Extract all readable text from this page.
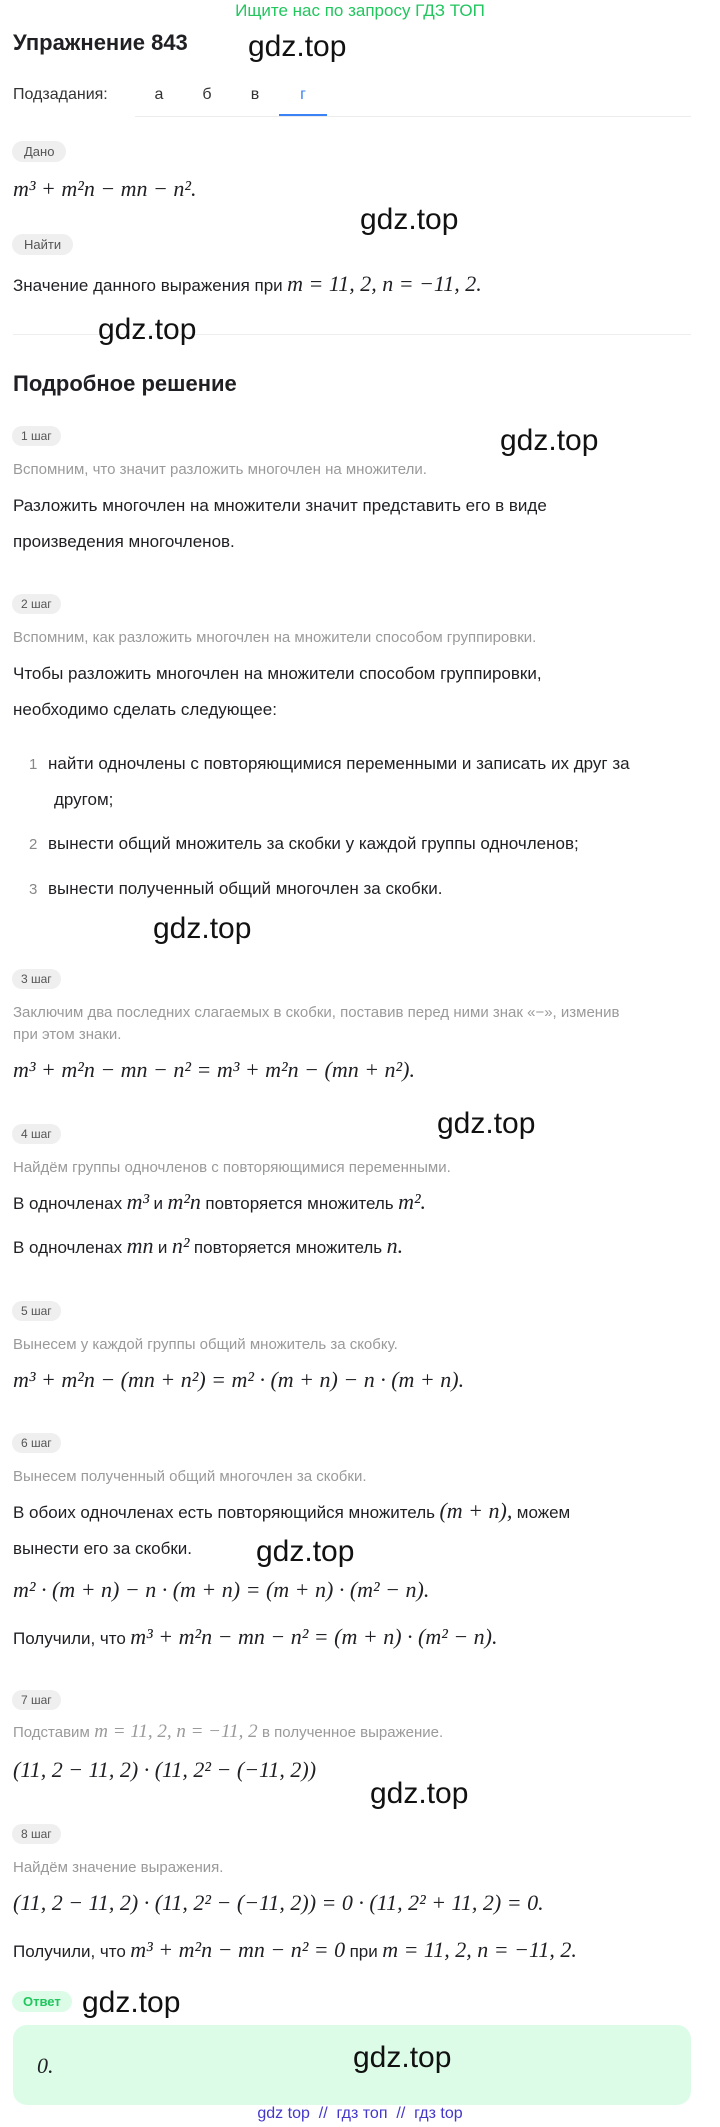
Ищите нас по запросу ГДЗ ТОП
Упражнение 843 gdz.top
Подзадания:	а	б	в	г
Дано
m³ + m²n − mn − n².
gdz.top
Найти
Значение данного выражения при m = 11, 2, n = −11, 2.
gdz.top
Подробное решение
1 шаг	gdz.top
Вспомним, что значит разложить многочлен на множители.
Разложить многочлен на множители значит представить его в виде
произведения многочленов.
2 шаг
Вспомним, как разложить многочлен на множители способом группировки.
Чтобы разложить многочлен на множители способом группировки,
необходимо сделать следующее:
1 найти одночлены с повторяющимися переменными и записать их друг за
другом;
2 вынести общий множитель за скобки у каждой группы одночленов;
3 вынести полученный общий многочлен за скобки.
gdz.top
3 шаг
Заключим два последних слагаемых в скобки, поставив перед ними знак «−», изменив
при этом знаки.
m³ + m²n − mn − n² = m³ + m²n − (mn + n²).
gdz.top
4 шаг
Найдём группы одночленов с повторяющимися переменными.
В одночленах m³ и m²n повторяется множитель m².
В одночленах mn и n² повторяется множитель n.
5 шаг
Вынесем у каждой группы общий множитель за скобку.
m³ + m²n − (mn + n²) = m² · (m + n) − n · (m + n).
6 шаг
Вынесем полученный общий многочлен за скобки.
В обоих одночленах есть повторяющийся множитель (m + n), можем
вынести его за скобки. gdz.top
m² · (m + n) − n · (m + n) = (m + n) · (m² − n).
Получили, что m³ + m²n − mn − n² = (m + n) · (m² − n).
7 шаг
Подставим m = 11, 2, n = −11, 2 в полученное выражение.
(11, 2 − 11, 2) · (11, 2² − (−11, 2))
gdz.top
8 шаг
Найдём значение выражения.
(11, 2 − 11, 2) · (11, 2² − (−11, 2)) = 0 · (11, 2² + 11, 2) = 0.
Получили, что m³ + m²n − mn − n² = 0 при m = 11, 2, n = −11, 2.
Ответ gdz.top
0.	gdz.top
gdz top  //  гдз топ  //  гдз top
